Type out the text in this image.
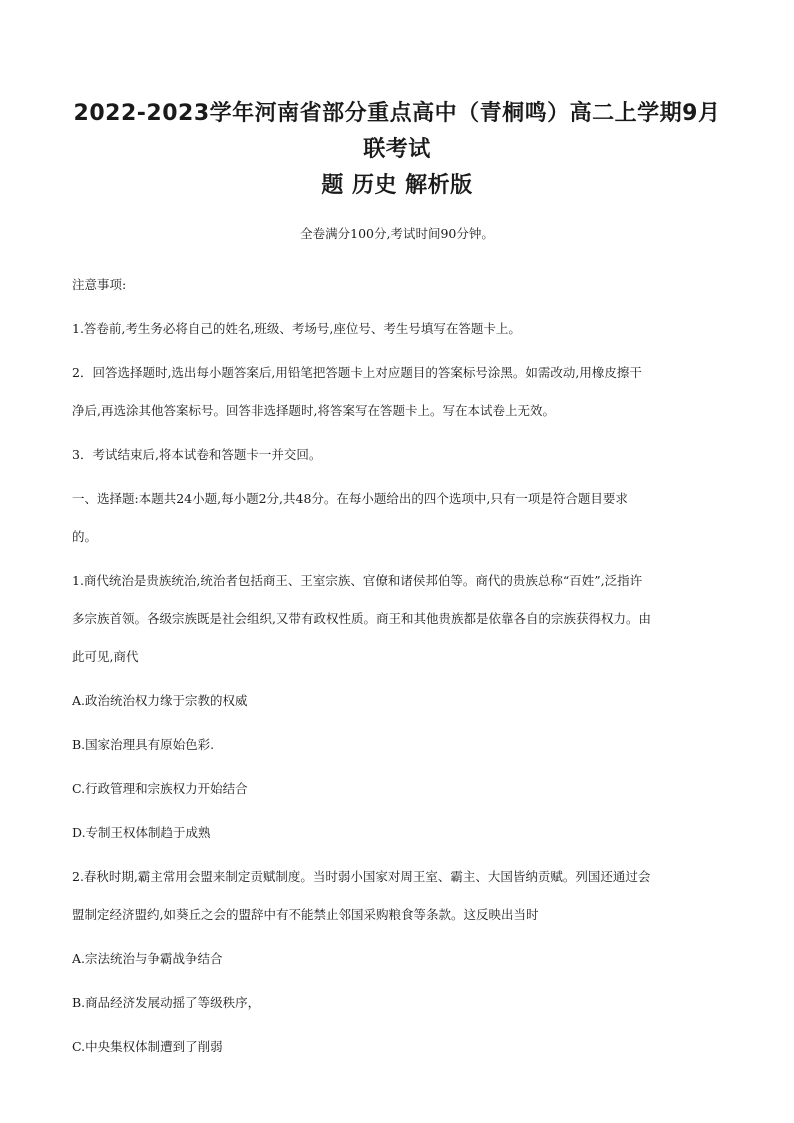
2022-2023学年河南省部分重点高中（青桐鸣）高二上学期9月联考试
题 历史 解析版

全卷满分100分,考试时间90分钟。

注意事项:

1.答卷前,考生务必将自己的姓名,班级、考场号,座位号、考生号填写在答题卡上。

2．回答选择题时,选出每小题答案后,用铅笔把答题卡上对应题目的答案标号涂黑。如需改动,用橡皮擦干

净后,再选涂其他答案标号。回答非选择题时,将答案写在答题卡上。写在本试卷上无效。

3．考试结束后,将本试卷和答题卡一并交回。

一、选择题:本题共24小题,每小题2分,共48分。在每小题给出的四个选项中,只有一项是符合题目要求

的。

1.商代统治是贵族统治,统治者包括商王、王室宗族、官僚和诸侯邦伯等。商代的贵族总称“百姓”,泛指许

多宗族首领。各级宗族既是社会组织,又带有政权性质。商王和其他贵族都是依靠各自的宗族获得权力。由

此可见,商代

A.政治统治权力缘于宗教的权威

B.国家治理具有原始色彩.

C.行政管理和宗族权力开始结合

D.专制王权体制趋于成熟

2.春秋时期,霸主常用会盟来制定贡赋制度。当时弱小国家对周王室、霸主、大国皆纳贡赋。列国还通过会

盟制定经济盟约,如葵丘之会的盟辞中有不能禁止邻国采购粮食等条款。这反映出当时

A.宗法统治与争霸战争结合

B.商品经济发展动摇了等级秩序，

C.中央集权体制遭到了削弱
